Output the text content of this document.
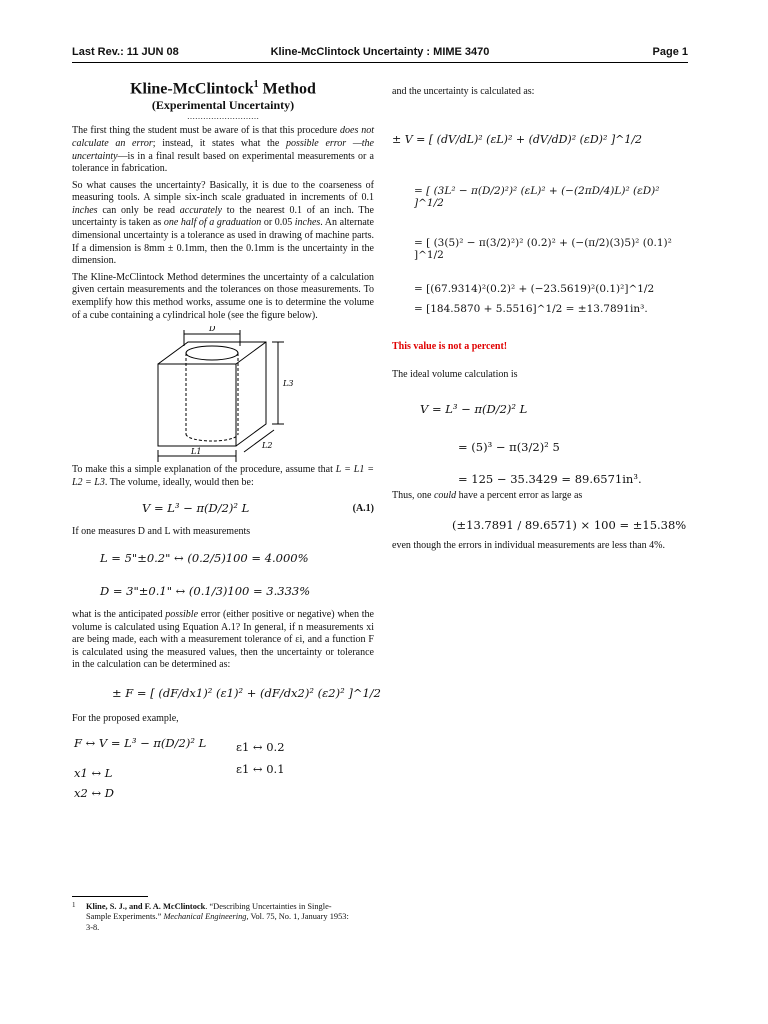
Last Rev.: 11 JUN 08	Kline-McClintock Uncertainty : MIME 3470	Page 1
Kline-McClintock$^1$ Method
(Experimental Uncertainty)
………………………

The first thing the student must be aware of is that this procedure does not calculate an error; instead, it states what the possible error —the uncertainty—is in a final result based on experimental measurements or a tolerance in fabrication.

So what causes the uncertainty? Basically, it is due to the coarseness of measuring tools. A simple six-inch scale graduated in increments of 0.1 inches can only be read accurately to the nearest 0.1 of an inch. The uncertainty is taken as one half of a graduation or 0.05 inches. An alternate dimensional uncertainty is a tolerance as used in drawing of machine parts. If a dimension is 8mm ± 0.1mm, then the 0.1mm is the uncertainty in the dimension.

The Kline-McClintock Method determines the uncertainty of a calculation given certain measurements and the tolerances on those measurements. To exemplify how this method works, assume one is to determine the volume of a cube containing a cylindrical hole (see the figure below).

D
L3
L2
L1

To make this a simple explanation of the procedure, assume that L = L1 = L2 = L3. The volume, ideally, would then be:

V = L³ − π(D/2)² L	(A.1)

If one measures D and L with measurements

L = 5"±0.2" ↔ (0.2/5)100 = 4.000%
D = 3"±0.1" ↔ (0.1/3)100 = 3.333%

what is the anticipated possible error (either positive or negative) when the volume is calculated using Equation A.1? In general, if n measurements xi are being made, each with a measurement tolerance of εi, and a function F is calculated using the measured values, then the uncertainty or tolerance in the calculation can be determined as:

± F = [ (dF/dx1)² (ε1)² + (dF/dx2)² (ε2)² ]^1/2

For the proposed example,

F ↔ V = L³ − π(D/2)² L	ε1 ↔ 0.2
x1 ↔ L	ε1 ↔ 0.1
x2 ↔ D

and the uncertainty is calculated as:

± V = [ (dV/dL)² (εL)² + (dV/dD)² (εD)² ]^1/2
= [ (3L² − π(D/2)²)² (εL)² + (−(2πD/4)L)² (εD)² ]^1/2
= [ (3(5)² − π(3/2)²)² (0.2)² + (−(π/2)(3)5)² (0.1)² ]^1/2
= [(67.9314)²(0.2)² + (−23.5619)²(0.1)²]^1/2
= [184.5870 + 5.5516]^1/2 = ±13.7891in³.

This value is not a percent!

The ideal volume calculation is

V = L³ − π(D/2)² L
= (5)³ − π(3/2)² 5
= 125 − 35.3429 = 89.6571in³.

Thus, one could have a percent error as large as

(±13.7891 / 89.6571) × 100 = ±15.38%

even though the errors in individual measurements are less than 4%.

1 Kline, S. J., and F. A. McClintock. “Describing Uncertainties in Single-Sample Experiments.” Mechanical Engineering, Vol. 75, No. 1, January 1953: 3-8.
